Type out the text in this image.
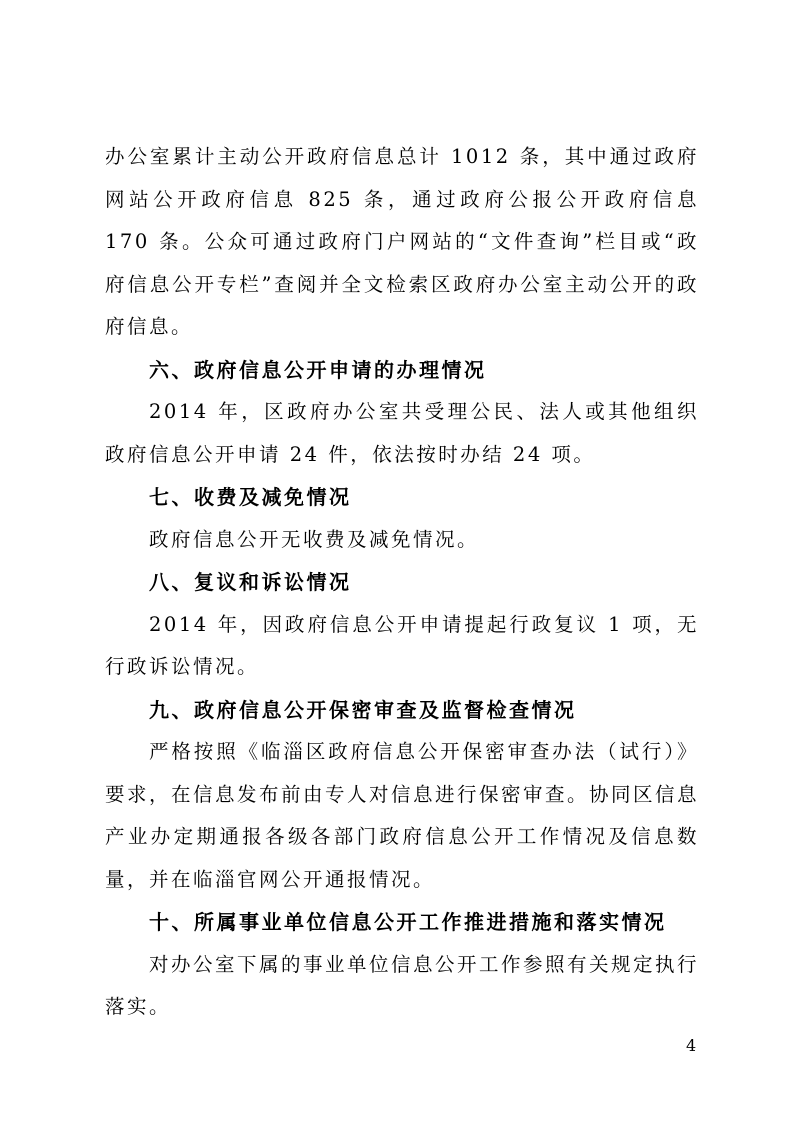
办公室累计主动公开政府信息总计 1012 条，其中通过政府网站公开政府信息 825 条，通过政府公报公开政府信息 170 条。公众可通过政府门户网站的“文件查询”栏目或“政府信息公开专栏”查阅并全文检索区政府办公室主动公开的政府信息。

六、政府信息公开申请的办理情况

2014 年，区政府办公室共受理公民、法人或其他组织政府信息公开申请 24 件，依法按时办结 24 项。

七、收费及减免情况

政府信息公开无收费及减免情况。

八、复议和诉讼情况

2014 年，因政府信息公开申请提起行政复议 1 项，无行政诉讼情况。

九、政府信息公开保密审查及监督检查情况

严格按照《临淄区政府信息公开保密审查办法（试行）》要求，在信息发布前由专人对信息进行保密审查。协同区信息产业办定期通报各级各部门政府信息公开工作情况及信息数量，并在临淄官网公开通报情况。

十、所属事业单位信息公开工作推进措施和落实情况

对办公室下属的事业单位信息公开工作参照有关规定执行落实。

4
